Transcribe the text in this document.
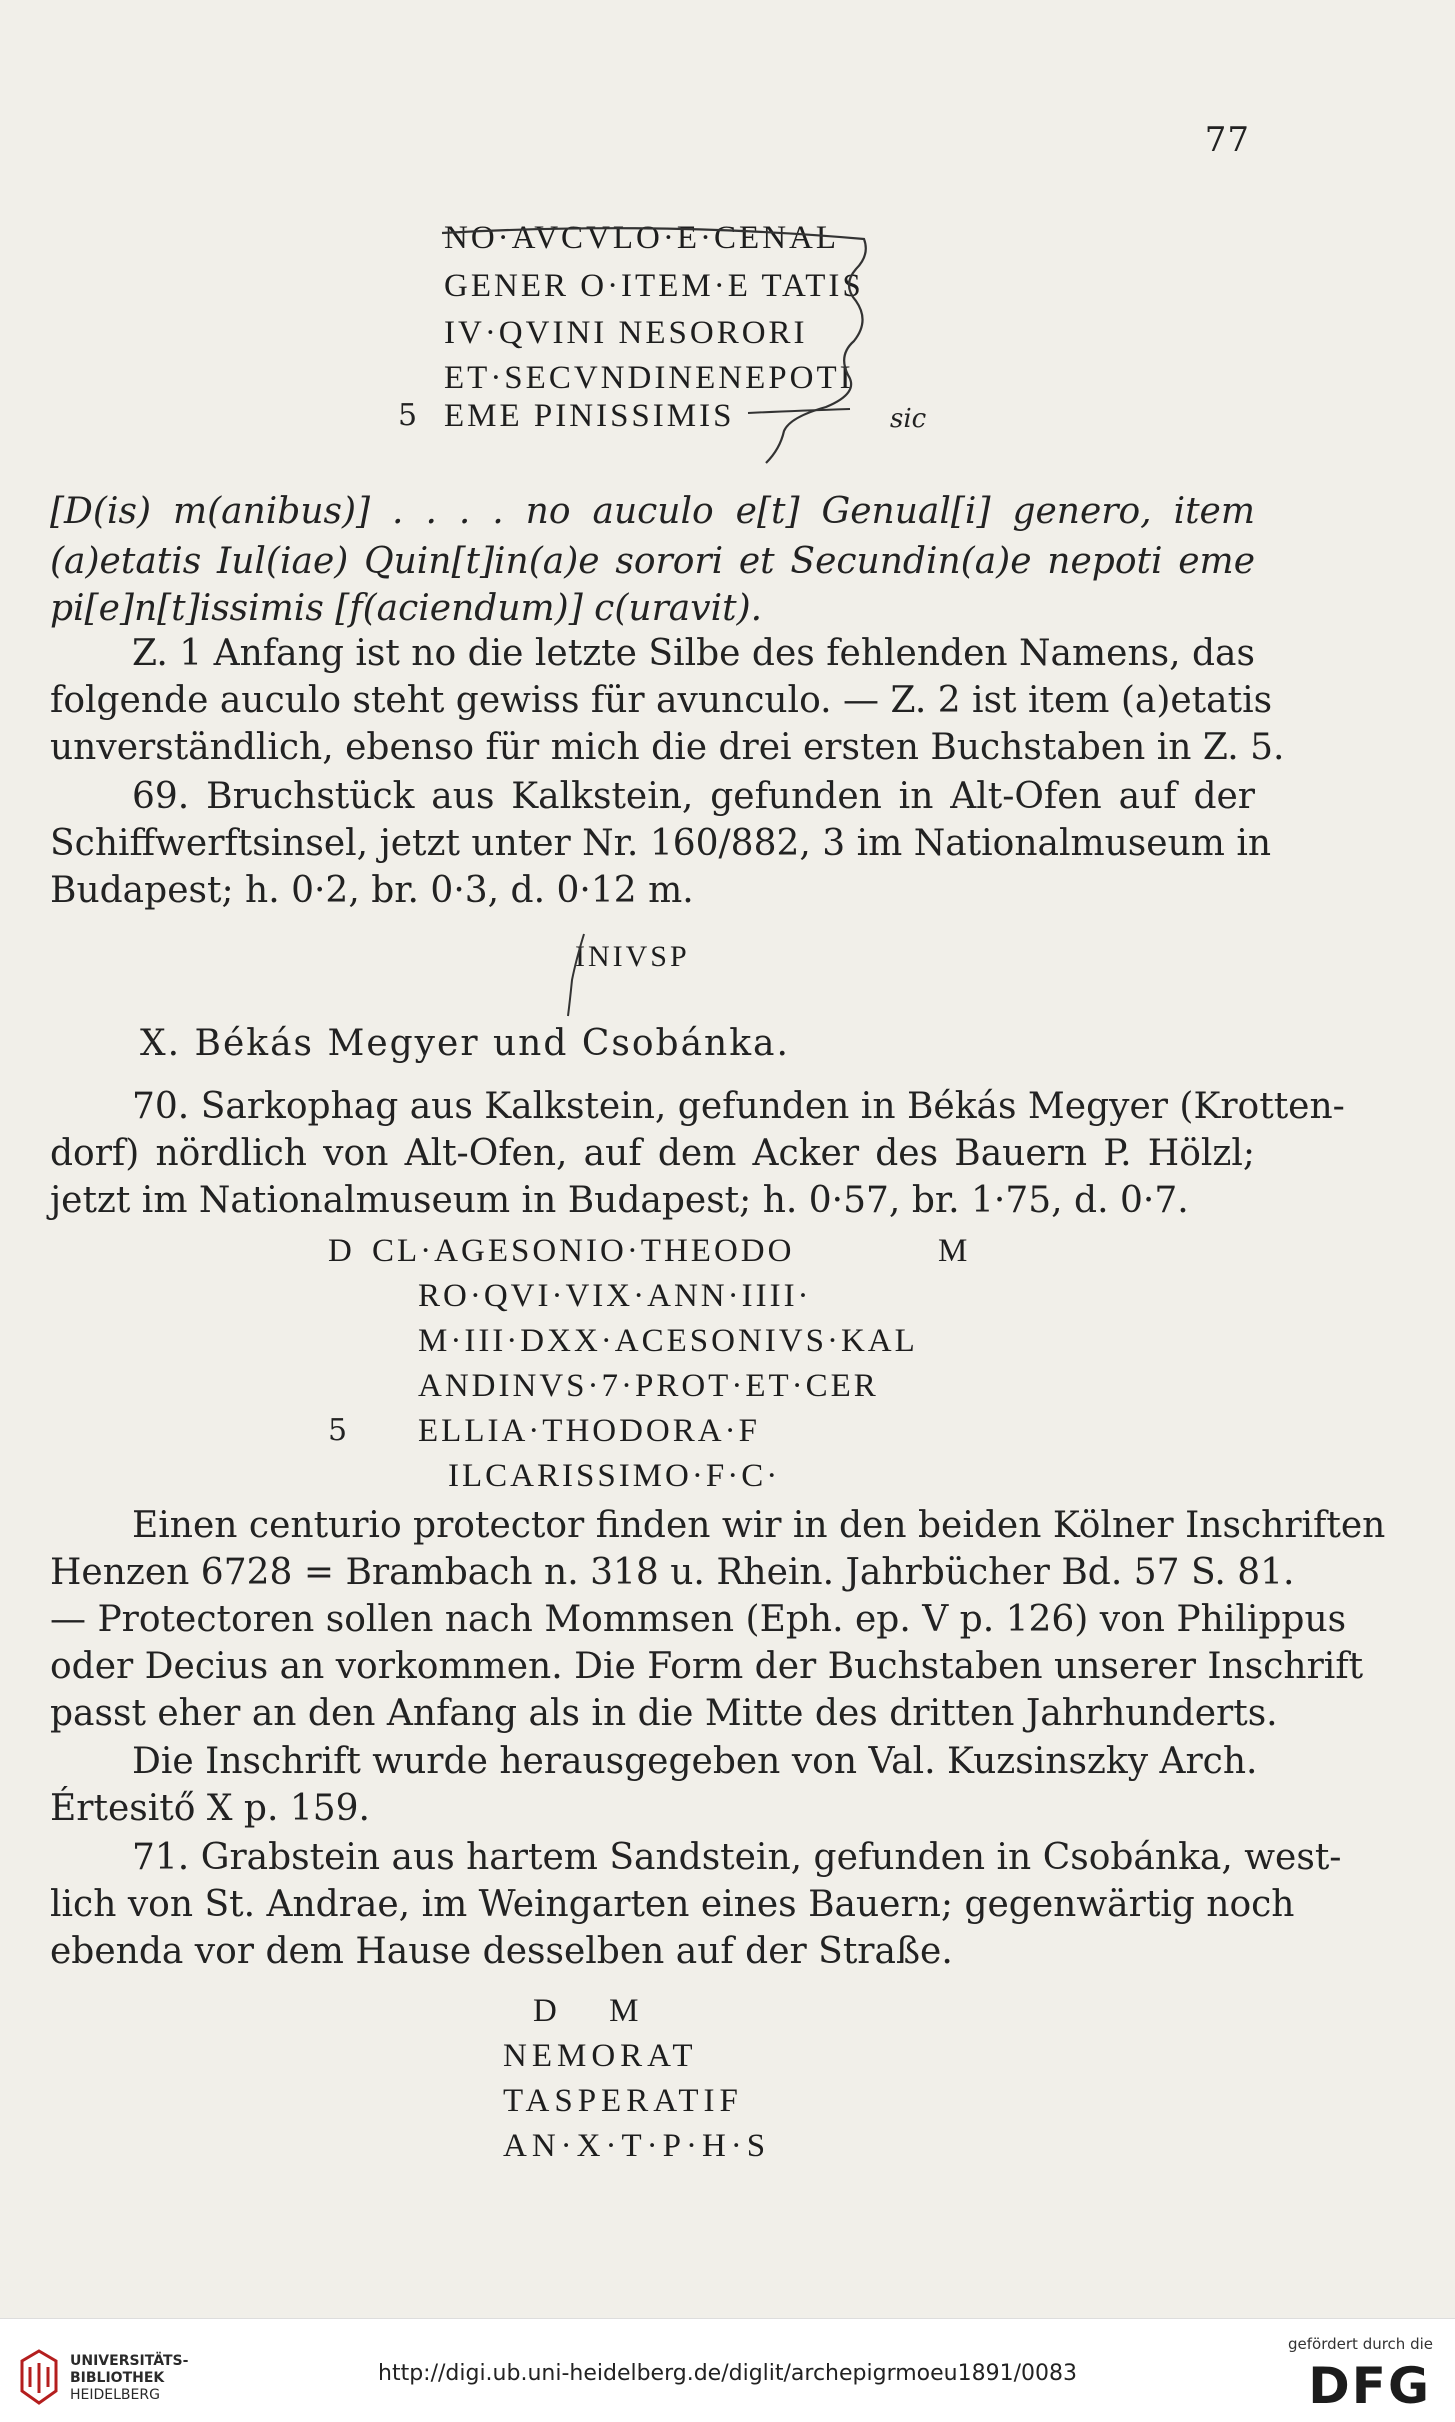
77
NO·AVCVLO·E·CENAL
GENER O·ITEM·E TATIS
IV·QVINI NESORORI
ET·SECVNDINENEPOTI
5 EME PINISSIMIS	sic
[D(is) m(anibus)] . . . . no auculo e[t] Genual[i] genero, item
(a)etatis Iul(iae) Quin[t]in(a)e sorori et Secundin(a)e nepoti eme
pi[e]n[t]issimis [f(aciendum)] c(uravit).
Z. 1 Anfang ist no die letzte Silbe des fehlenden Namens, das
folgende auculo steht gewiss für avunculo. — Z. 2 ist item (a)etatis
unverständlich, ebenso für mich die drei ersten Buchstaben in Z. 5.
69. Bruchstück aus Kalkstein, gefunden in Alt-Ofen auf der
Schiffwerftsinsel, jetzt unter Nr. 160/882, 3 im Nationalmuseum in
Budapest; h. 0·2, br. 0·3, d. 0·12 m.
INIVSP
X. Békás Megyer und Csobánka.
70. Sarkophag aus Kalkstein, gefunden in Békás Megyer (Krotten-
dorf) nördlich von Alt-Ofen, auf dem Acker des Bauern P. Hölzl;
jetzt im Nationalmuseum in Budapest; h. 0·57, br. 1·75, d. 0·7.
D CL·AGESONIO·THEODO	M
RO·QVI·VIX·ANN·IIII·
M·III·DXX·ACESONIVS·KAL
ANDINVS·7·PROT·ET·CER
5 ELLIA·THODORA·F
ILCARISSIMO·F·C·
Einen centurio protector finden wir in den beiden Kölner Inschriften
Henzen 6728 = Brambach n. 318 u. Rhein. Jahrbücher Bd. 57 S. 81.
— Protectoren sollen nach Mommsen (Eph. ep. V p. 126) von Philippus
oder Decius an vorkommen. Die Form der Buchstaben unserer Inschrift
passt eher an den Anfang als in die Mitte des dritten Jahrhunderts.
Die Inschrift wurde herausgegeben von Val. Kuzsinszky Arch.
Értesitő X p. 159.
71. Grabstein aus hartem Sandstein, gefunden in Csobánka, west-
lich von St. Andrae, im Weingarten eines Bauern; gegenwärtig noch
ebenda vor dem Hause desselben auf der Straße.
D M
NEMORAT
TASPERATIF
AN·X·T·P·H·S
UNIVERSITÄTS-
BIBLIOTHEK
HEIDELBERG
http://digi.ub.uni-heidelberg.de/diglit/archepigrmoeu1891/0083
gefördert durch die
DFG
